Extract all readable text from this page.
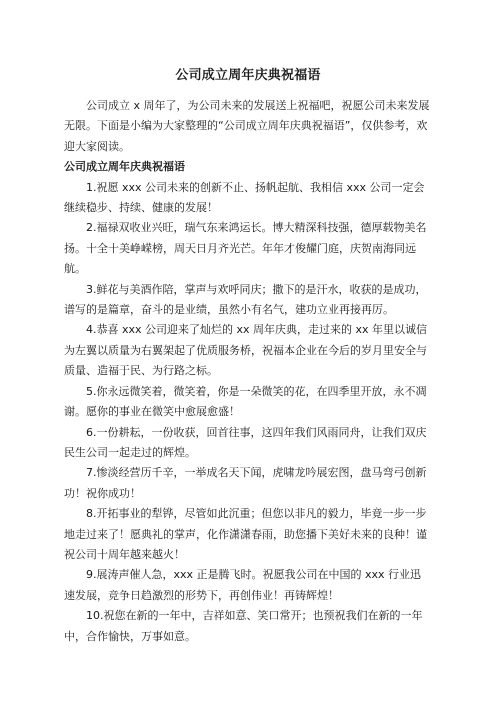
公司成立周年庆典祝福语

公司成立 x 周年了，为公司未来的发展送上祝福吧，祝愿公司未来发展无限。下面是小编为大家整理的“公司成立周年庆典祝福语”，仅供参考，欢迎大家阅读。

公司成立周年庆典祝福语

1.祝愿 xxx 公司未来的创新不止、扬帆起航、我相信 xxx 公司一定会继续稳步、持续、健康的发展！

2.福禄双收业兴旺，瑞气东来鸿运长。博大精深科技强，德厚载物美名扬。十全十美峥嵘榜，周天日月齐光芒。年年才俊耀门庭，庆贺南海同远航。

3.鲜花与美酒作陪，掌声与欢呼同庆；撒下的是汗水，收获的是成功，谱写的是篇章，奋斗的是业绩，虽然小有名气，建功立业再接再厉。

4.恭喜 xxx 公司迎来了灿烂的 xx 周年庆典，走过来的 xx 年里以诚信为左翼以质量为右翼架起了优质服务桥，祝福本企业在今后的岁月里安全与质量、造福于民、为行路之标。

5.你永远微笑着，微笑着，你是一朵微笑的花，在四季里开放，永不凋谢。愿你的事业在微笑中愈展愈盛！

6.一份耕耘，一份收获，回首往事，这四年我们风雨同舟，让我们双庆民生公司一起走过的辉煌。

7.惨淡经营历千辛，一举成名天下闻，虎啸龙吟展宏图，盘马弯弓创新功！祝你成功！

8.开拓事业的犁铧，尽管如此沉重；但您以非凡的毅力，毕竟一步一步地走过来了！愿典礼的掌声，化作潇潇春雨，助您播下美好未来的良种！谨祝公司十周年越来越火！

9.展涛声催人急，xxx 正是腾飞时。祝愿我公司在中国的 xxx 行业迅速发展，竞争日趋激烈的形势下，再创伟业！再铸辉煌！

10.祝您在新的一年中，吉祥如意、笑口常开；也预祝我们在新的一年中，合作愉快，万事如意。
